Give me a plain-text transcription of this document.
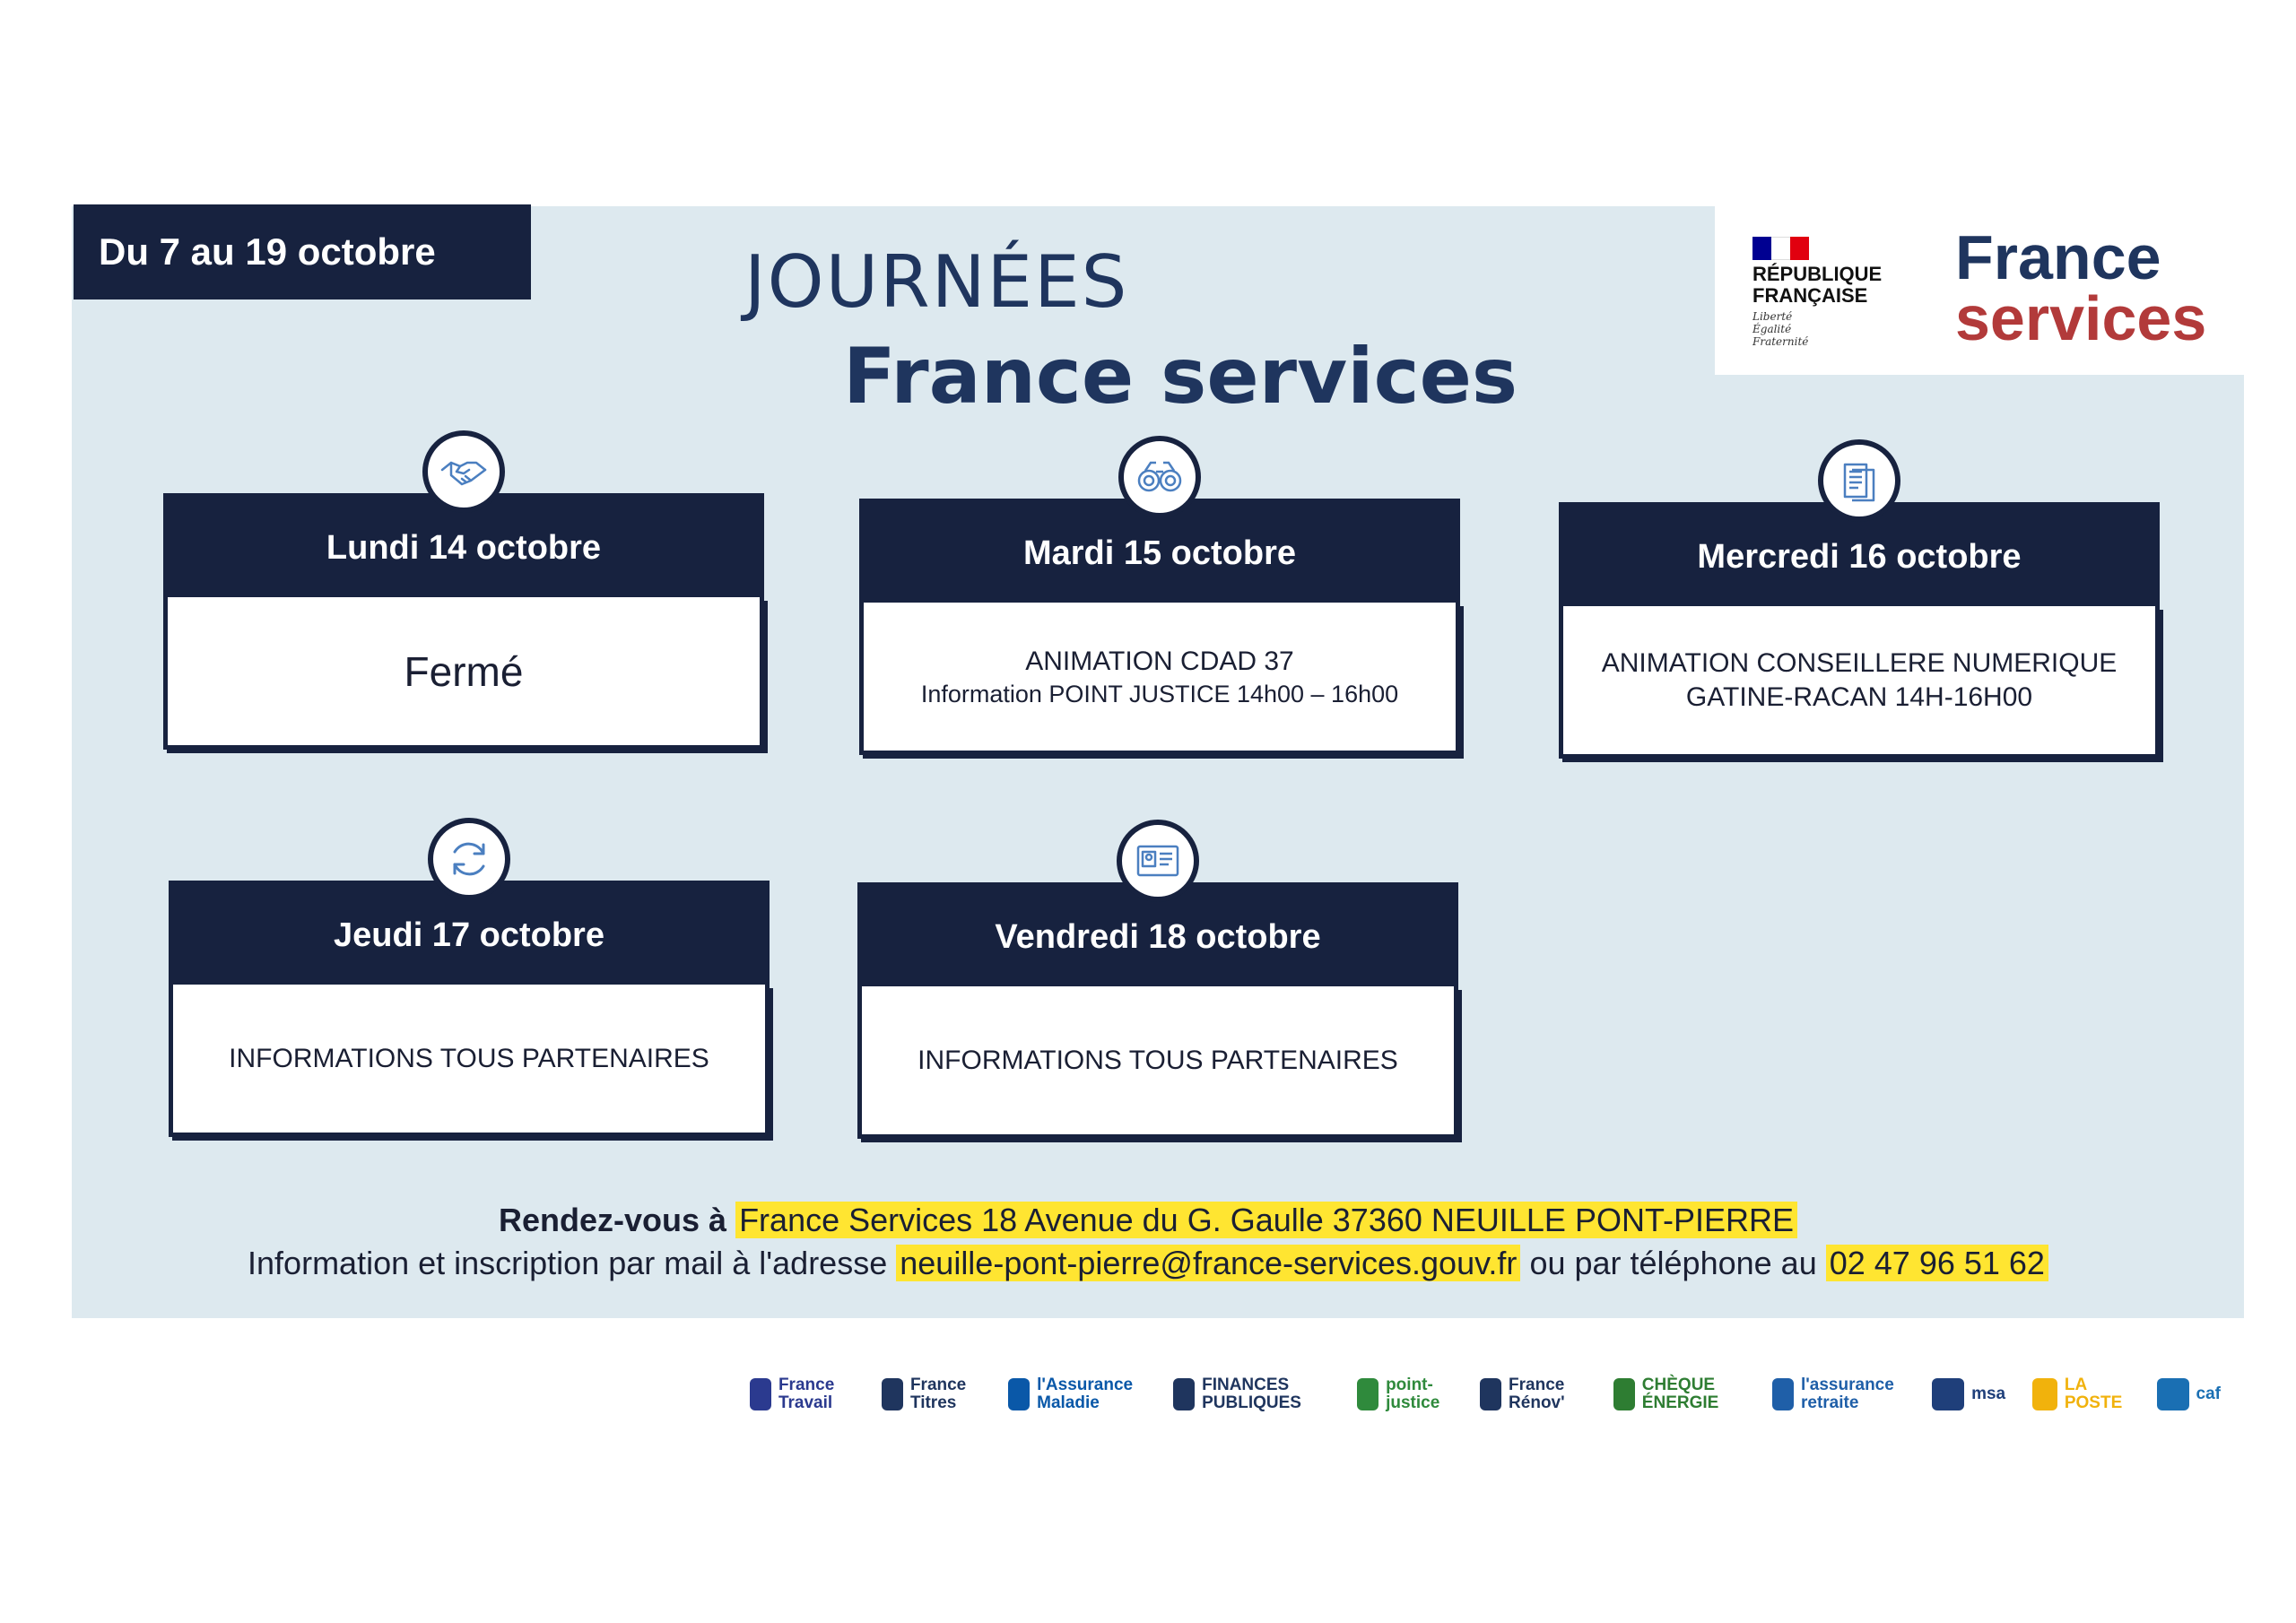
Du 7 au 19 octobre	JOURNÉES
France services
RÉPUBLIQUE
FRANÇAISE
Liberté
Égalité
Fraternité
France
services
Lundi 14 octobre
Fermé
Mardi 15 octobre
ANIMATION CDAD 37
Information POINT JUSTICE 14h00 – 16h00
Mercredi 16 octobre
ANIMATION CONSEILLERE NUMERIQUE
GATINE-RACAN 14H-16H00
Jeudi 17 octobre
INFORMATIONS TOUS PARTENAIRES
Vendredi 18 octobre
INFORMATIONS TOUS PARTENAIRES
Rendez-vous à France Services 18 Avenue du G. Gaulle 37360 NEUILLE PONT-PIERRE
Information et inscription par mail à l'adresse neuille-pont-pierre@france-services.gouv.fr ou par téléphone au 02 47 96 51 62
France Travail
France Titres
l'Assurance Maladie
FINANCES PUBLIQUES
point-justice
France Rénov'
CHÈQUE ÉNERGIE
l'assurance retraite	msa	LA POSTE	caf
